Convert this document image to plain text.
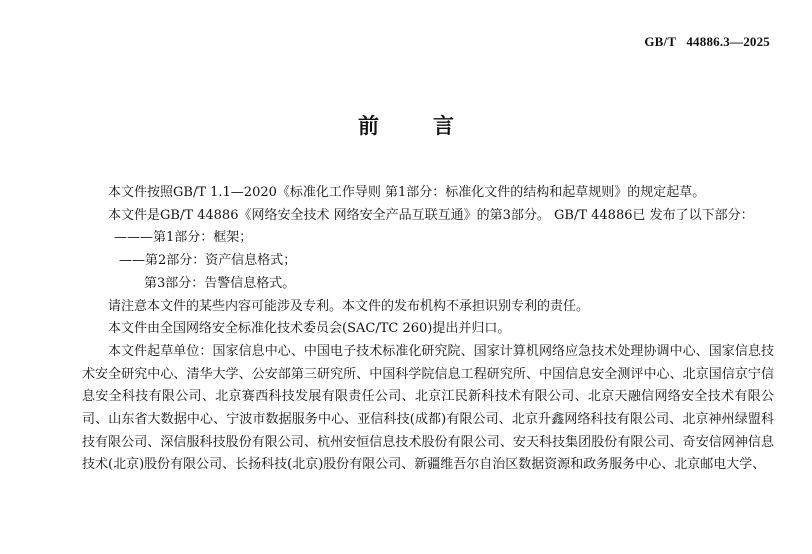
GB/T   44886.3—2025
前	言

本文件按照GB/T 1.1—2020《标准化工作导则 第1部分：标准化文件的结构和起草规则》的规定起草。

本文件是GB/T 44886《网络安全技术 网络安全产品互联互通》的第3部分。 GB/T 44886已 发布了以下部分：

———第1部分：框架；

——第2部分：资产信息格式；

第3部分：告警信息格式。

请注意本文件的某些内容可能涉及专利。本文件的发布机构不承担识别专利的责任。

本文件由全国网络安全标准化技术委员会(SAC/TC 260)提出并归口。

本文件起草单位：国家信息中心、中国电子技术标准化研究院、国家计算机网络应急技术处理协调中心、国家信息技术安全研究中心、清华大学、公安部第三研究所、中国科学院信息工程研究所、中国信息安全测评中心、北京国信京宁信息安全科技有限公司、北京赛西科技发展有限责任公司、北京江民新科技术有限公司、北京天融信网络安全技术有限公司、山东省大数据中心、宁波市数据服务中心、亚信科技(成都)有限公司、北京升鑫网络科技有限公司、北京神州绿盟科技有限公司、深信服科技股份有限公司、杭州安恒信息技术股份有限公司、安天科技集团股份有限公司、奇安信网神信息技术(北京)股份有限公司、长扬科技(北京)股份有限公司、新疆维吾尔自治区数据资源和政务服务中心、北京邮电大学、
